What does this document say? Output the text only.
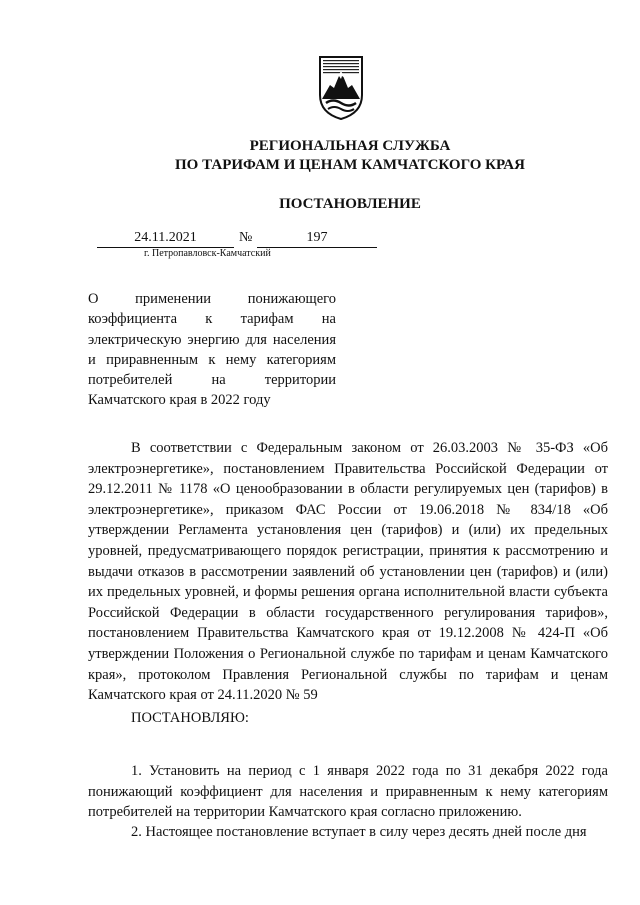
РЕГИОНАЛЬНАЯ СЛУЖБА
ПО ТАРИФАМ И ЦЕНАМ КАМЧАТСКОГО КРАЯ
ПОСТАНОВЛЕНИЕ
24.11.2021	№	197
г. Петропавловск-Камчатский

О применении понижающего коэффициента к тарифам на электрическую энергию для населения и приравненным к нему категориям потребителей на территории Камчатского края в 2022 году

В соответствии с Федеральным законом от 26.03.2003 № 35-ФЗ «Об электроэнергетике», постановлением Правительства Российской Федерации от 29.12.2011 № 1178 «О ценообразовании в области регулируемых цен (тарифов) в электроэнергетике», приказом ФАС России от 19.06.2018 № 834/18 «Об утверждении Регламента установления цен (тарифов) и (или) их предельных уровней, предусматривающего порядок регистрации, принятия к рассмотрению и выдачи отказов в рассмотрении заявлений об установлении цен (тарифов) и (или) их предельных уровней, и формы решения органа исполнительной власти субъекта Российской Федерации в области государственного регулирования тарифов», постановлением Правительства Камчатского края от 19.12.2008 № 424-П «Об утверждении Положения о Региональной службе по тарифам и ценам Камчатского края», протоколом Правления Региональной службы по тарифам и ценам Камчатского края от 24.11.2020 № 59

ПОСТАНОВЛЯЮ:

1. Установить на период с 1 января 2022 года по 31 декабря 2022 года понижающий коэффициент для населения и приравненным к нему категориям потребителей на территории Камчатского края согласно приложению.

2. Настоящее постановление вступает в силу через десять дней после дня
